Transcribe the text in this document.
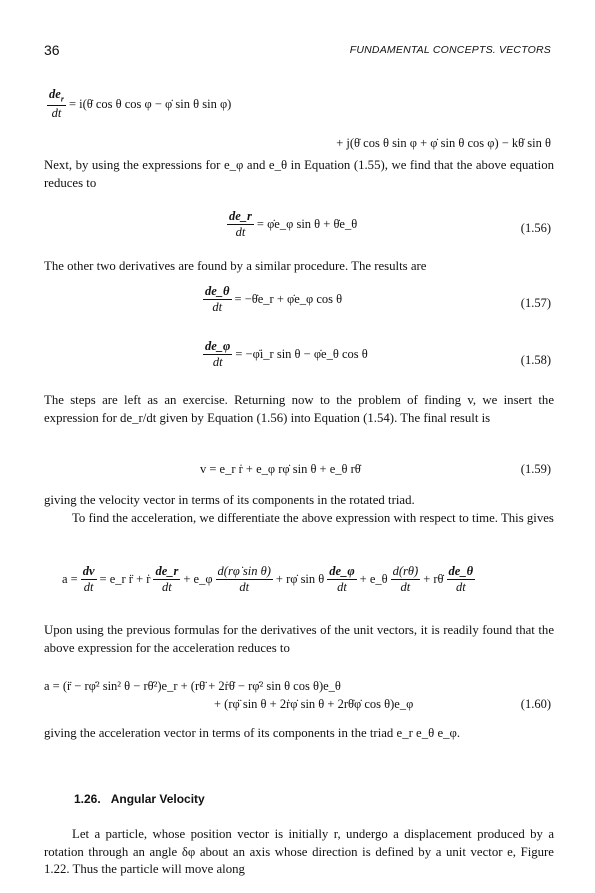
36	FUNDAMENTAL CONCEPTS. VECTORS
$\frac{de_r}{dt}$ = i(θ̇ cos θ cos φ − φ̇ sin θ sin φ)
+ j(θ̇ cos θ sin φ + φ̇ sin θ cos φ) − kθ̇ sin θ

Next, by using the expressions for e_φ and e_θ in Equation (1.55), we find that the above equation reduces to

$\frac{de\_r}{dt}$ = φ̇e_φ sin θ + θ̇e_θ	(1.56)

The other two derivatives are found by a similar procedure. The results are

$\frac{de\_\theta}{dt}$ = −θ̇e_r + φ̇e_φ cos θ	(1.57)
$\frac{de\_\varphi}{dt}$ = −φ̇i_r sin θ − φ̇e_θ cos θ	(1.58)

The steps are left as an exercise. Returning now to the problem of finding v, we insert the expression for de_r/dt given by Equation (1.56) into Equation (1.54). The final result is

v = e_r ṙ + e_φ rφ̇ sin θ + e_θ rθ̇	(1.59)

giving the velocity vector in terms of its components in the rotated triad.

To find the acceleration, we differentiate the above expression with respect to time. This gives

$a = \frac{dv}{dt}$ = e_r r̈ + ṙ $\frac{de\_r}{dt}$ + e_φ $\frac{\text{d(rφ̇ sin θ)}}{dt}$ + rφ̇ sin θ $\frac{de\_\varphi}{dt}$ + e_θ $\frac{d(r\thetȧ)}{dt}$ + rθ̇ $\frac{de\_\theta}{dt}$

Upon using the previous formulas for the derivatives of the unit vectors, it is readily found that the above expression for the acceleration reduces to

a = (r̈ − rφ̇² sin² θ − rθ̇²)e_r + (rθ̈ + 2ṙθ̇ − rφ̇² sin θ cos θ)e_θ
+ (rφ̈ sin θ + 2ṙφ̇ sin θ + 2rθ̇φ̇ cos θ)e_φ	(1.60)

giving the acceleration vector in terms of its components in the triad e_r e_θ e_φ.

1.26. Angular Velocity

Let a particle, whose position vector is initially r, undergo a displacement produced by a rotation through an angle δφ about an axis whose direction is defined by a unit vector e, Figure 1.22. Thus the particle will move along
